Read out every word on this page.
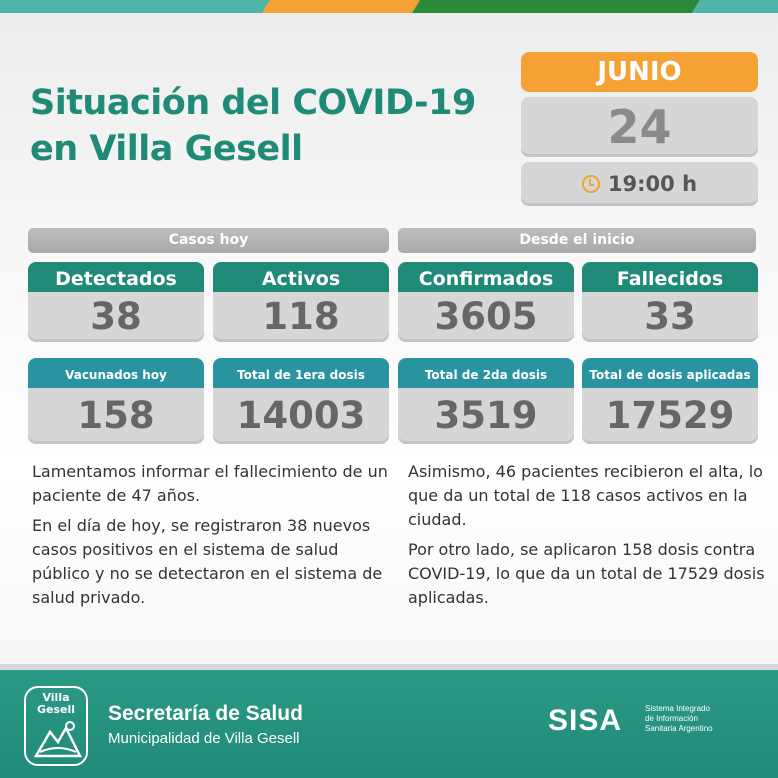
Situación del COVID-19
en Villa Gesell
JUNIO
24
19:00 h
Casos hoy	Desde el inicio
Detectados
38
Activos
118
Confirmados
3605
Fallecidos
33
Vacunados hoy
158
Total de 1era dosis
14003
Total de 2da dosis
3519
Total de dosis aplicadas
17529

Lamentamos informar el fallecimiento de un paciente de 47 años.

En el día de hoy, se registraron 38 nuevos casos positivos en el sistema de salud público y no se detectaron en el sistema de salud privado.

Asimismo, 46 pacientes recibieron el alta, lo que da un total de 118 casos activos en la ciudad.

Por otro lado, se aplicaron 158 dosis contra COVID-19, lo que da un total de 17529 dosis aplicadas.

Villa Gesell	Secretaría de Salud
Municipalidad de Villa Gesell
SISA	Sistema Integrado
de Información
Sanitaria Argentino
